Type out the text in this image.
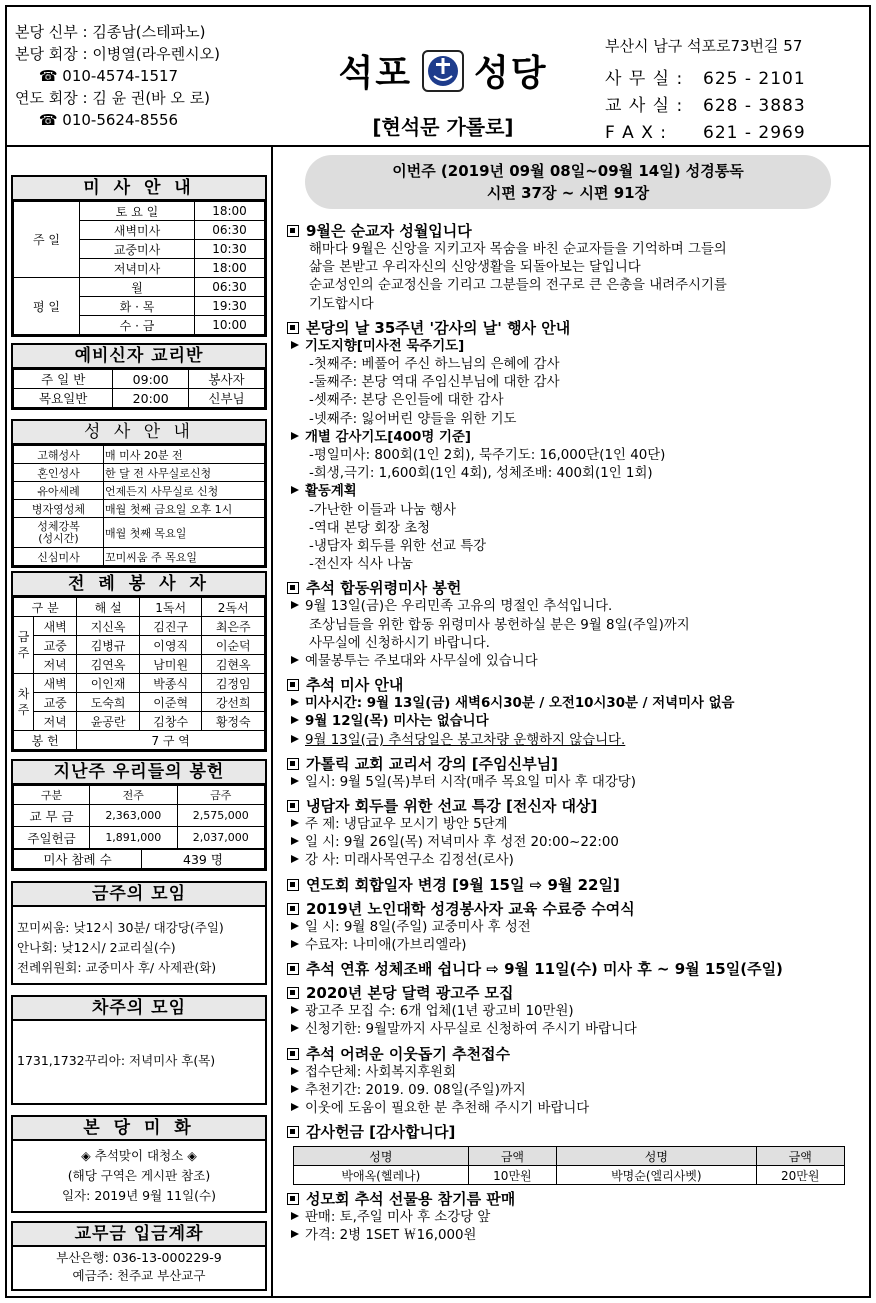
본당 신부 : 김종남(스테파노)
본당 회장 : 이병열(라우렌시오)
☎ 010-4574-1517
연도 회장 : 김 윤 권(바 오 로)
☎ 010-5624-8556
석포 성당
[현석문 가롤로]
부산시 남구 석포로73번길 57
사 무 실 :	625 - 2101
교 사 실 :	628 - 3883
F A X :	621 - 2969
미 사 안 내
주 일	토 요 일	18:00
	새벽미사	06:30
	교중미사	10:30
	저녁미사	18:00
평 일	월	06:30
	화 · 목	19:30
	수 · 금	10:00
예비신자 교리반
주 일 반	09:00	봉사자
목요일반	20:00	신부님
성 사 안 내
고해성사	매 미사 20분 전
혼인성사	한 달 전 사무실로신청
유아세례	언제든지 사무실로 신청
병자영성체	매월 첫째 금요일 오후 1시
성체강복
(성시간)	매월 첫째 목요일
신심미사	꼬미씨움 주 목요일
전 례 봉 사 자
구 분		해 설	1독서	2독서
금
주	새벽	지신옥	김진구	최은주
	교중	김병규	이영직	이순덕
	저녁	김연옥	남미원	김현옥
차
주	새벽	이인재	박종식	김정임
	교중	도숙희	이준혁	강선희
	저녁	윤공란	김창수	황정숙
봉 헌		7 구 역		
지난주 우리들의 봉헌
구분	전주	금주
교 무 금	2,363,000	2,575,000
주일헌금	1,891,000	2,037,000
미사 참례 수	439 명
금주의 모임
꼬미씨움: 낮12시 30분/ 대강당(주일)
안나회: 낮12시/ 2교리실(수)
전례위원회: 교중미사 후/ 사제관(화)
차주의 모임
1731,1732꾸리아: 저녁미사 후(목)
본 당 미 화
◈ 추석맞이 대청소 ◈
(해당 구역은 게시판 참조)
일자: 2019년 9월 11일(수)
교무금 입금계좌
부산은행: 036-13-000229-9
예금주: 천주교 부산교구
이번주 (2019년 09월 08일~09월 14일) 성경통독
시편 37장 ~ 시편 91장
9월은 순교자 성월입니다
해마다 9월은 신앙을 지키고자 목숨을 바친 순교자들을 기억하며 그들의
삶을 본받고 우리자신의 신앙생활을 되돌아보는 달입니다
순교성인의 순교정신을 기리고 그분들의 전구로 큰 은총을 내려주시기를
기도합시다
본당의 날 35주년 '감사의 날' 행사 안내
기도지향[미사전 묵주기도]
-첫째주: 베풀어 주신 하느님의 은혜에 감사
-둘째주: 본당 역대 주임신부님에 대한 감사
-셋째주: 본당 은인들에 대한 감사
-넷째주: 잃어버린 양들을 위한 기도
개별 감사기도[400명 기준]
-평일미사: 800회(1인 2회), 묵주기도: 16,000단(1인 40단)
-희생,극기: 1,600회(1인 4회), 성체조배: 400회(1인 1회)
활동계획
-가난한 이들과 나눔 행사
-역대 본당 회장 초청
-냉담자 회두를 위한 선교 특강
-전신자 식사 나눔
추석 합동위령미사 봉헌
9월 13일(금)은 우리민족 고유의 명절인 추석입니다.
조상님들을 위한 합동 위령미사 봉헌하실 분은 9월 8일(주일)까지
사무실에 신청하시기 바랍니다.
예물봉투는 주보대와 사무실에 있습니다
추석 미사 안내
미사시간: 9월 13일(금) 새벽6시30분 / 오전10시30분 / 저녁미사 없음
9월 12일(목) 미사는 없습니다
9월 13일(금) 추석당일은 봉고차량 운행하지 않습니다.
가톨릭 교회 교리서 강의 [주임신부님]
일시: 9월 5일(목)부터 시작(매주 목요일 미사 후 대강당)
냉담자 회두를 위한 선교 특강 [전신자 대상]
주 제: 냉담교우 모시기 방안 5단계
일 시: 9월 26일(목) 저녁미사 후 성전 20:00~22:00
강 사: 미래사목연구소 김정선(로사)
연도회 회합일자 변경 [9월 15일 ⇨ 9월 22일]
2019년 노인대학 성경봉사자 교육 수료증 수여식
일 시: 9월 8일(주일) 교중미사 후 성전
수료자: 나미애(가브리엘라)
추석 연휴 성체조배 쉽니다 ⇨ 9월 11일(수) 미사 후 ~ 9월 15일(주일)
2020년 본당 달력 광고주 모집
광고주 모집 수: 6개 업체(1년 광고비 10만원)
신청기한: 9월말까지 사무실로 신청하여 주시기 바랍니다
추석 어려운 이웃돕기 추천접수
접수단체: 사회복지후원회
추천기간: 2019. 09. 08일(주일)까지
이웃에 도움이 필요한 분 추천해 주시기 바랍니다
감사헌금 [감사합니다]
성명	금액	성명	금액
박애옥(헬레나)	10만원	박명순(엘리사벳)	20만원
성모회 추석 선물용 참기름 판매
판매: 토,주일 미사 후 소강당 앞
가격: 2병 1SET ￦16,000원
